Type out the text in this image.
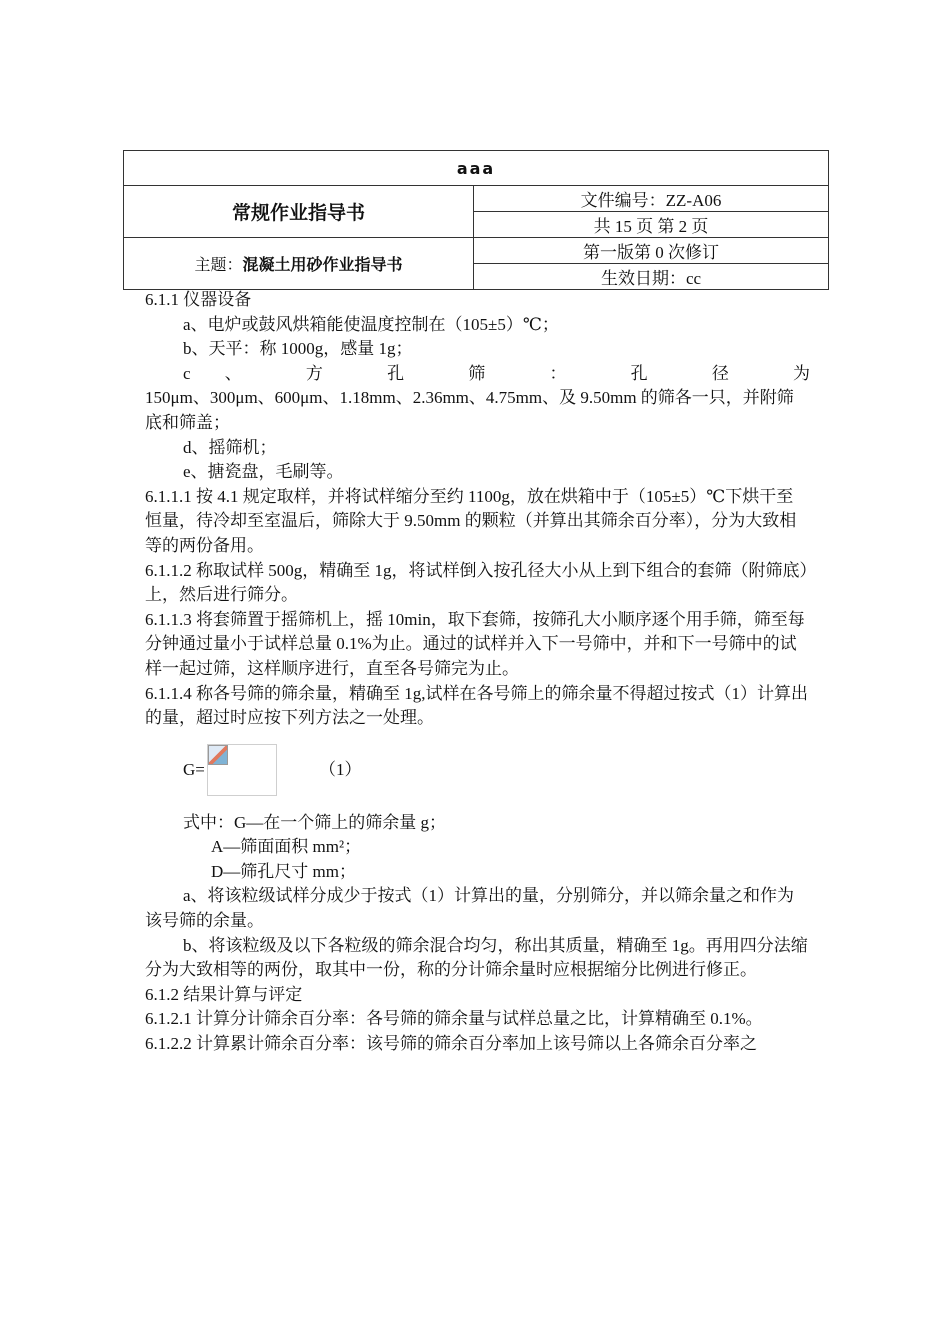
aaa	
常规作业指导书	文件编号：ZZ-A06
	共 15 页 第 2 页
主题：混凝土用砂作业指导书	第一版第 0 次修订
	生效日期：cc

6.1.1 仪器设备

a、电炉或鼓风烘箱能使温度控制在（105±5）℃；

b、天平：称 1000g，感量 1g；

c 、 方 孔 筛 ： 孔 径 为

150μm、300μm、600μm、1.18mm、2.36mm、4.75mm、及 9.50mm 的筛各一只，并附筛底和筛盖；

d、摇筛机；

e、搪瓷盘，毛刷等。

6.1.1.1 按 4.1 规定取样，并将试样缩分至约 1100g，放在烘箱中于（105±5）℃下烘干至恒量，待冷却至室温后，筛除大于 9.50mm 的颗粒（并算出其筛余百分率），分为大致相等的两份备用。

6.1.1.2 称取试样 500g，精确至 1g，将试样倒入按孔径大小从上到下组合的套筛（附筛底）上，然后进行筛分。

6.1.1.3 将套筛置于摇筛机上，摇 10min，取下套筛，按筛孔大小顺序逐个用手筛，筛至每分钟通过量小于试样总量 0.1%为止。通过的试样并入下一号筛中，并和下一号筛中的试样一起过筛，这样顺序进行，直至各号筛完为止。

6.1.1.4 称各号筛的筛余量，精确至 1g,试样在各号筛上的筛余量不得超过按式（1）计算出的量，超过时应按下列方法之一处理。

G=	（1）

式中：G—在一个筛上的筛余量 g；

A—筛面面积 mm²；

D—筛孔尺寸 mm；

a、将该粒级试样分成少于按式（1）计算出的量，分别筛分，并以筛余量之和作为该号筛的余量。

b、将该粒级及以下各粒级的筛余混合均匀，称出其质量，精确至 1g。再用四分法缩分为大致相等的两份，取其中一份，称的分计筛余量时应根据缩分比例进行修正。

6.1.2 结果计算与评定

6.1.2.1 计算分计筛余百分率：各号筛的筛余量与试样总量之比，计算精确至 0.1%。

6.1.2.2 计算累计筛余百分率：该号筛的筛余百分率加上该号筛以上各筛余百分率之
